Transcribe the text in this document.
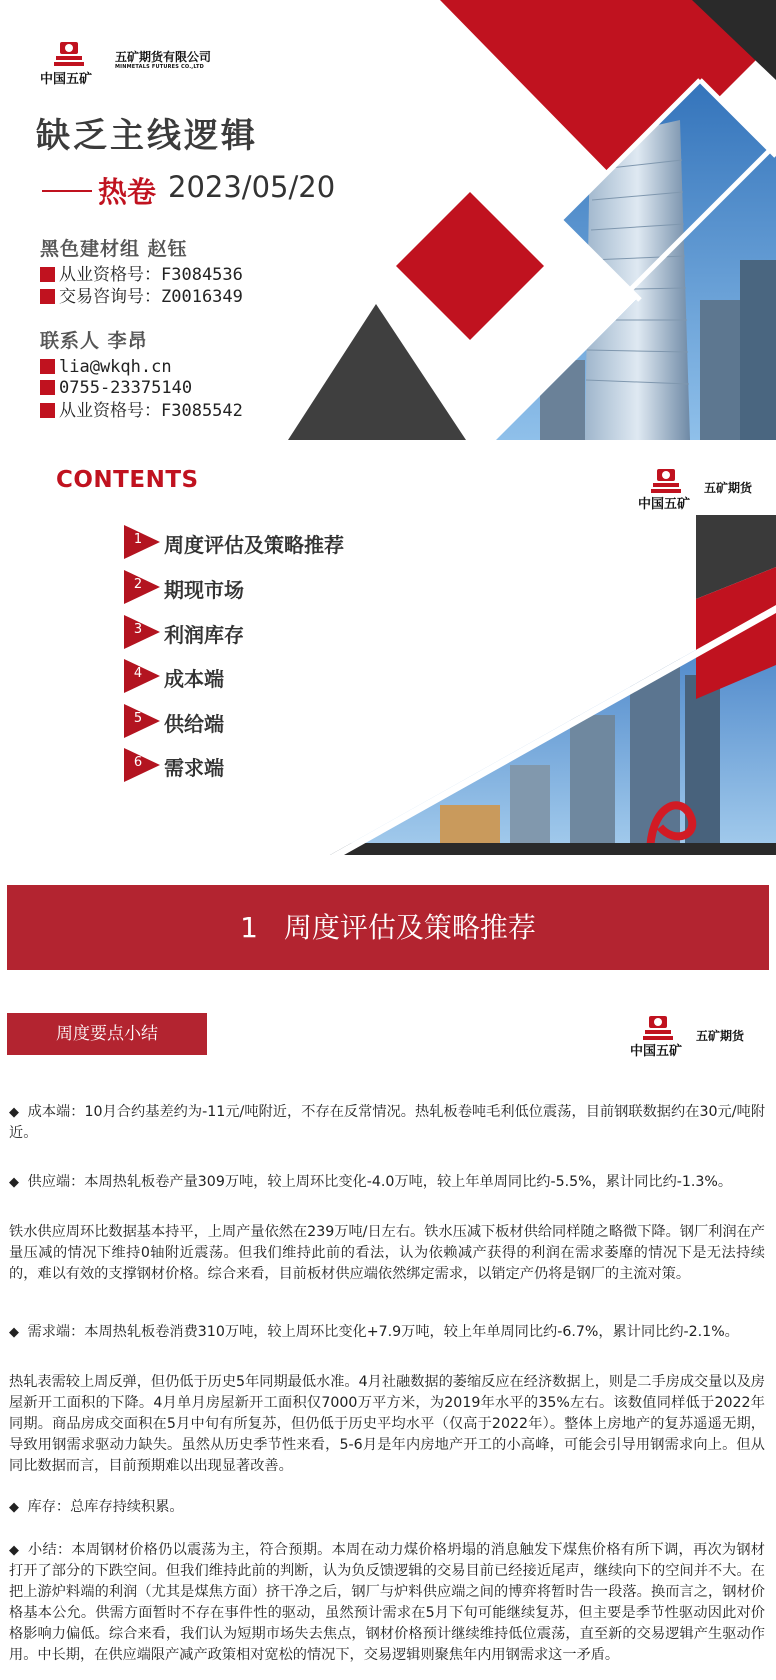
中国五矿
五矿期货有限公司
MINMETALS FUTURES CO.,LTD
缺乏主线逻辑
热卷 2023/05/20
黑色建材组 赵钰
从业资格号：F3084536
交易咨询号：Z0016349
联系人 李昂
lia@wkqh.cn
0755-23375140
从业资格号：F3085542
CONTENTS
中国五矿
五矿期货
1 周度评估及策略推荐
2 期现市场
3 利润库存
4 成本端
5 供给端
6 需求端
1 周度评估及策略推荐
周度要点小结
中国五矿
五矿期货
◆ 成本端：10月合约基差约为-11元/吨附近，不存在反常情况。热轧板卷吨毛利低位震荡，目前钢联数据约在30元/吨附近。
◆ 供应端：本周热轧板卷产量309万吨，较上周环比变化-4.0万吨，较上年单周同比约-5.5%，累计同比约-1.3%。
铁水供应周环比数据基本持平，上周产量依然在239万吨/日左右。铁水压减下板材供给同样随之略微下降。钢厂利润在产量压减的情况下维持0轴附近震荡。但我们维持此前的看法，认为依赖减产获得的利润在需求萎靡的情况下是无法持续的，难以有效的支撑钢材价格。综合来看，目前板材供应端依然绑定需求，以销定产仍将是钢厂的主流对策。
◆ 需求端：本周热轧板卷消费310万吨，较上周环比变化+7.9万吨，较上年单周同比约-6.7%，累计同比约-2.1%。
热轧表需较上周反弹，但仍低于历史5年同期最低水准。4月社融数据的萎缩反应在经济数据上，则是二手房成交量以及房屋新开工面积的下降。4月单月房屋新开工面积仅7000万平方米，为2019年水平的35%左右。该数值同样低于2022年同期。商品房成交面积在5月中旬有所复苏，但仍低于历史平均水平（仅高于2022年）。整体上房地产的复苏遥遥无期，导致用钢需求驱动力缺失。虽然从历史季节性来看，5-6月是年内房地产开工的小高峰，可能会引导用钢需求向上。但从同比数据而言，目前预期难以出现显著改善。
◆ 库存：总库存持续积累。
◆ 小结：本周钢材价格仍以震荡为主，符合预期。本周在动力煤价格坍塌的消息触发下煤焦价格有所下调，再次为钢材打开了部分的下跌空间。但我们维持此前的判断，认为负反馈逻辑的交易目前已经接近尾声，继续向下的空间并不大。在把上游炉料端的利润（尤其是煤焦方面）挤干净之后，钢厂与炉料供应端之间的博弈将暂时告一段落。换而言之，钢材价格基本公允。供需方面暂时不存在事件性的驱动，虽然预计需求在5月下旬可能继续复苏，但主要是季节性驱动因此对价格影响力偏低。综合来看，我们认为短期市场失去焦点，钢材价格预计继续维持低位震荡，直至新的交易逻辑产生驱动作用。中长期，在供应端限产减产政策相对宽松的情况下，交易逻辑则聚焦年内用钢需求这一矛盾。
